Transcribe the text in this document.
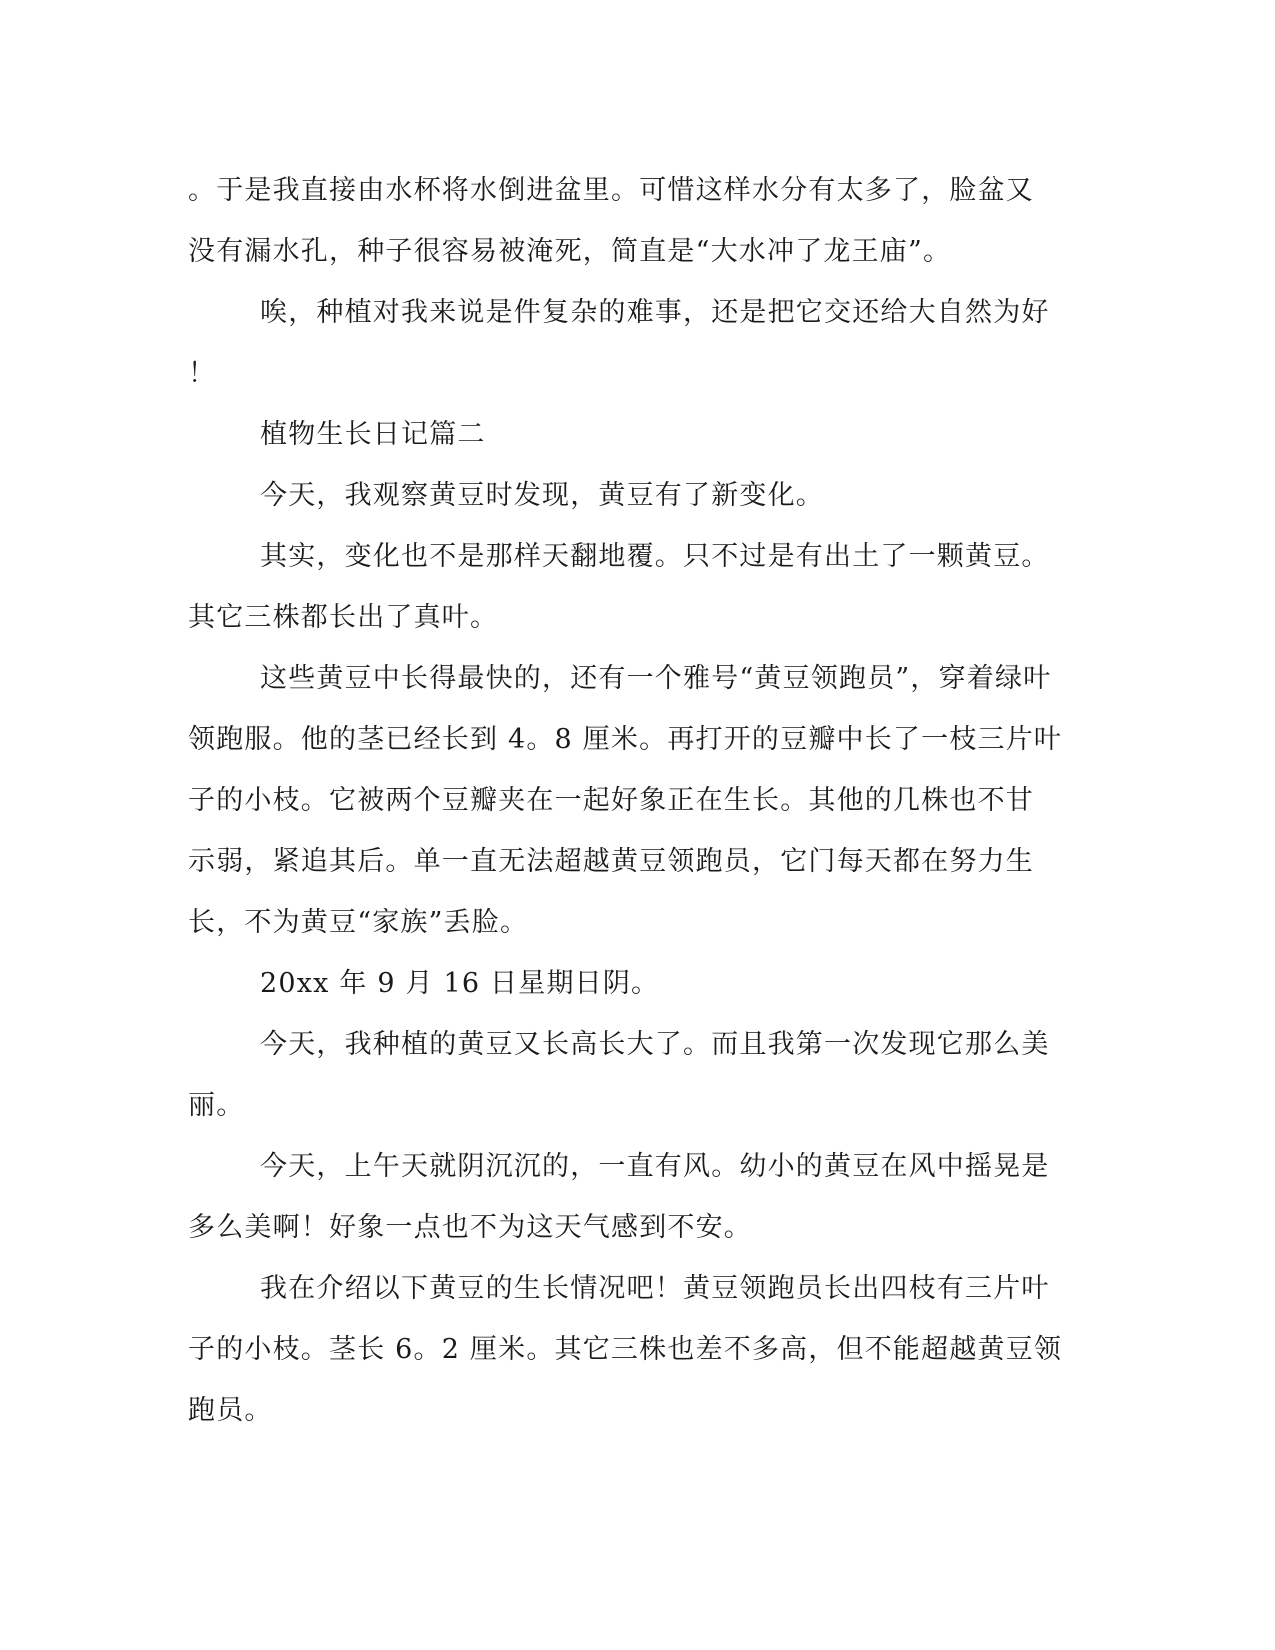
。于是我直接由水杯将水倒进盆里。可惜这样水分有太多了，脸盆又
没有漏水孔，种子很容易被淹死，简直是“大水冲了龙王庙”。
唉，种植对我来说是件复杂的难事，还是把它交还给大自然为好
！
植物生长日记篇二
今天，我观察黄豆时发现，黄豆有了新变化。
其实，变化也不是那样天翻地覆。只不过是有出土了一颗黄豆。
其它三株都长出了真叶。
这些黄豆中长得最快的，还有一个雅号“黄豆领跑员”，穿着绿叶
领跑服。他的茎已经长到 4。8 厘米。再打开的豆瓣中长了一枝三片叶
子的小枝。它被两个豆瓣夹在一起好象正在生长。其他的几株也不甘
示弱，紧追其后。单一直无法超越黄豆领跑员，它门每天都在努力生
长，不为黄豆“家族”丢脸。
20xx 年 9 月 16 日星期日阴。
今天，我种植的黄豆又长高长大了。而且我第一次发现它那么美
丽。
今天，上午天就阴沉沉的，一直有风。幼小的黄豆在风中摇晃是
多么美啊！好象一点也不为这天气感到不安。
我在介绍以下黄豆的生长情况吧！黄豆领跑员长出四枝有三片叶
子的小枝。茎长 6。2 厘米。其它三株也差不多高，但不能超越黄豆领
跑员。
